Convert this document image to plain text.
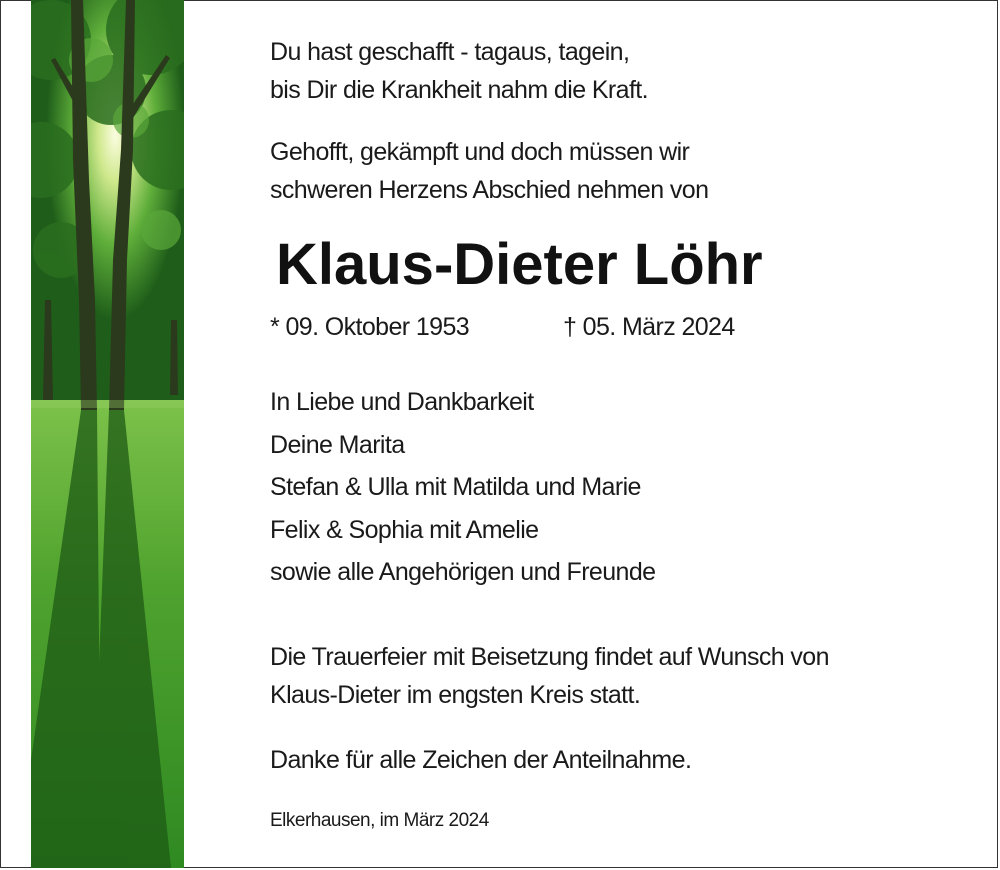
Du hast geschafft - tagaus, tagein,
bis Dir die Krankheit nahm die Kraft.
Gehofft, gekämpft und doch müssen wir
schweren Herzens Abschied nehmen von
Klaus-Dieter Löhr
* 09. Oktober 1953	† 05. März 2024
In Liebe und Dankbarkeit
Deine Marita
Stefan & Ulla mit Matilda und Marie
Felix & Sophia mit Amelie
sowie alle Angehörigen und Freunde
Die Trauerfeier mit Beisetzung findet auf Wunsch von
Klaus-Dieter im engsten Kreis statt.
Danke für alle Zeichen der Anteilnahme.
Elkerhausen, im März 2024
